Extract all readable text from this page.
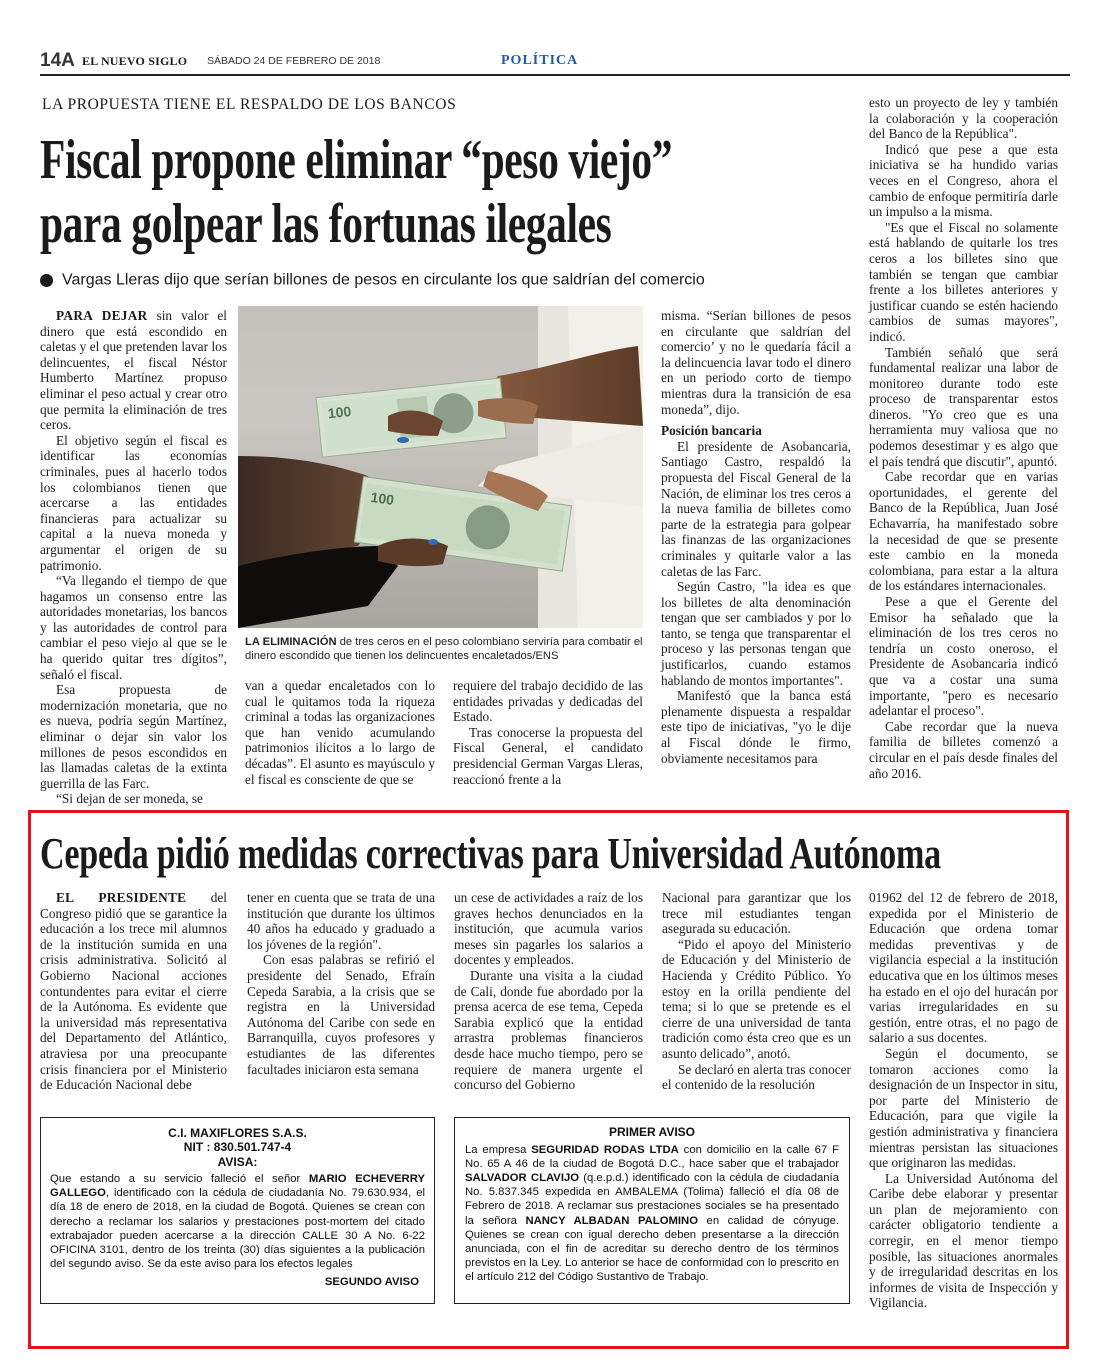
14A EL NUEVO SIGLO SÁBADO 24 DE FEBRERO DE 2018	POLÍTICA
LA PROPUESTA TIENE EL RESPALDO DE LOS BANCOS
Fiscal propone eliminar “peso viejo”
para golpear las fortunas ilegales
Vargas Lleras dijo que serían billones de pesos en circulante los que saldrían del comercio
100
100
LA ELIMINACIÓN de tres ceros en el peso colombiano serviría para combatir el dinero escondido que tienen los delincuentes encaletados/ENS

PARA DEJAR sin valor el dinero que está escondido en caletas y el que pretenden lavar los delincuentes, el fiscal Néstor Humberto Martínez propuso eliminar el peso actual y crear otro que permita la eliminación de tres ceros.

El objetivo según el fiscal es identificar las economías criminales, pues al hacerlo todos los colombianos tienen que acercarse a las entidades financieras para actualizar su capital a la nueva moneda y argumentar el origen de su patrimonio.

“Va llegando el tiempo de que hagamos un consenso entre las autoridades monetarias, los bancos y las autoridades de control para cambiar el peso viejo al que se le ha querido quitar tres dígitos”, señaló el fiscal.

Esa propuesta de modernización monetaria, que no es nueva, podría según Martínez, eliminar o dejar sin valor los millones de pesos escondidos en las llamadas caletas de la extinta guerrilla de las Farc.

“Si dejan de ser moneda, se

van a quedar encaletados con lo cual le quitamos toda la riqueza criminal a todas las organizaciones que han venido acumulando patrimonios ilícitos a lo largo de décadas”. El asunto es mayúsculo y el fiscal es consciente de que se

requiere del trabajo decidido de las entidades privadas y dedicadas del Estado.

Tras conocerse la propuesta del Fiscal General, el candidato presidencial German Vargas Lleras, reaccionó frente a la

misma. “Serían billones de pesos en circulante que saldrían del comercio’ y no le quedaría fácil a la delincuencia lavar todo el dinero en un periodo corto de tiempo mientras dura la transición de esa moneda”, dijo.

Posición bancaria

El presidente de Asobancaria, Santiago Castro, respaldó la propuesta del Fiscal General de la Nación, de eliminar los tres ceros a la nueva familia de billetes como parte de la estrategia para golpear las finanzas de las organizaciones criminales y quitarle valor a las caletas de las Farc.

Según Castro, "la idea es que los billetes de alta denominación tengan que ser cambiados y por lo tanto, se tenga que transparentar el proceso y las personas tengan que justificarlos, cuando estamos hablando de montos importantes".

Manifestó que la banca está plenamente dispuesta a respaldar este tipo de iniciativas, "yo le dije al Fiscal dónde le firmo, obviamente necesitamos para

esto un proyecto de ley y también la colaboración y la cooperación del Banco de la República".

Indicó que pese a que esta iniciativa se ha hundido varias veces en el Congreso, ahora el cambio de enfoque permitiría darle un impulso a la misma.

"Es que el Fiscal no solamente está hablando de quitarle los tres ceros a los billetes sino que también se tengan que cambiar frente a los billetes anteriores y justificar cuando se estén haciendo cambios de sumas mayores", indicó.

También señaló que será fundamental realizar una labor de monitoreo durante todo este proceso de transparentar estos dineros. "Yo creo que es una herramienta muy valiosa que no podemos desestimar y es algo que el país tendrá que discutir", apuntó.

Cabe recordar que en varias oportunidades, el gerente del Banco de la República, Juan José Echavarría, ha manifestado sobre la necesidad de que se presente este cambio en la moneda colombiana, para estar a la altura de los estándares internacionales.

Pese a que el Gerente del Emisor ha señalado que la eliminación de los tres ceros no tendría un costo oneroso, el Presidente de Asobancaria indicó que va a costar una suma importante, "pero es necesario adelantar el proceso".

Cabe recordar que la nueva familia de billetes comenzó a circular en el país desde finales del año 2016.

Cepeda pidió medidas correctivas para Universidad Autónoma

EL PRESIDENTE del Congreso pidió que se garantice la educación a los trece mil alumnos de la institución sumida en una crisis administrativa. Solicitó al Gobierno Nacional acciones contundentes para evitar el cierre de la Autónoma. Es evidente que la universidad más representativa del Departamento del Atlántico, atraviesa por una preocupante crisis financiera por el Ministerio de Educación Nacional debe

tener en cuenta que se trata de una institución que durante los últimos 40 años ha educado y graduado a los jóvenes de la región".

Con esas palabras se refirió el presidente del Senado, Efraín Cepeda Sarabia, a la crisis que se registra en la Universidad Autónoma del Caribe con sede en Barranquilla, cuyos profesores y estudiantes de las diferentes facultades iniciaron esta semana

un cese de actividades a raíz de los graves hechos denunciados en la institución, que acumula varios meses sin pagarles los salarios a docentes y empleados.

Durante una visita a la ciudad de Cali, donde fue abordado por la prensa acerca de ese tema, Cepeda Sarabia explicó que la entidad arrastra problemas financieros desde hace mucho tiempo, pero se requiere de manera urgente el concurso del Gobierno

Nacional para garantizar que los trece mil estudiantes tengan asegurada su educación.

“Pido el apoyo del Ministerio de Educación y del Ministerio de Hacienda y Crédito Público. Yo estoy en la orilla pendiente del tema; si lo que se pretende es el cierre de una universidad de tanta tradición como ésta creo que es un asunto delicado”, anotó.

Se declaró en alerta tras conocer el contenido de la resolución

01962 del 12 de febrero de 2018, expedida por el Ministerio de Educación que ordena tomar medidas preventivas y de vigilancia especial a la institución educativa que en los últimos meses ha estado en el ojo del huracán por varias irregularidades en su gestión, entre otras, el no pago de salario a sus docentes.

Según el documento, se tomaron acciones como la designación de un Inspector in situ, por parte del Ministerio de Educación, para que vigile la gestión administrativa y financiera mientras persistan las situaciones que originaron las medidas.

La Universidad Autónoma del Caribe debe elaborar y presentar un plan de mejoramiento con carácter obligatorio tendiente a corregir, en el menor tiempo posible, las situaciones anormales y de irregularidad descritas en los informes de visita de Inspección y Vigilancia.

C.I. MAXIFLORES S.A.S.
NIT : 830.501.747-4
AVISA:

Que estando a su servicio falleció el señor MARIO ECHEVERRY GALLEGO, identificado con la cédula de ciudadanía No. 79.630.934, el día 18 de enero de 2018, en la ciudad de Bogotá. Quienes se crean con derecho a reclamar los salarios y prestaciones post-mortem del citado extrabajador pueden acercarse a la dirección CALLE 30 A No. 6-22 OFICINA 3101, dentro de los treinta (30) días siguientes a la publicación del segundo aviso. Se da este aviso para los efectos legales

SEGUNDO AVISO
PRIMER AVISO

La empresa SEGURIDAD RODAS LTDA con domicilio en la calle 67 F No. 65 A 46 de la ciudad de Bogotá D.C., hace saber que el trabajador SALVADOR CLAVIJO (q.e.p.d.) identificado con la cédula de ciudadanía No. 5.837.345 expedida en AMBALEMA (Tolima) falleció el día 08 de Febrero de 2018. A reclamar sus prestaciones sociales se ha presentado la señora NANCY ALBADAN PALOMINO en calidad de cónyuge. Quienes se crean con igual derecho deben presentarse a la dirección anunciada, con el fin de acreditar su derecho dentro de los términos previstos en la Ley. Lo anterior se hace de conformidad con lo prescrito en el artículo 212 del Código Sustantivo de Trabajo.
